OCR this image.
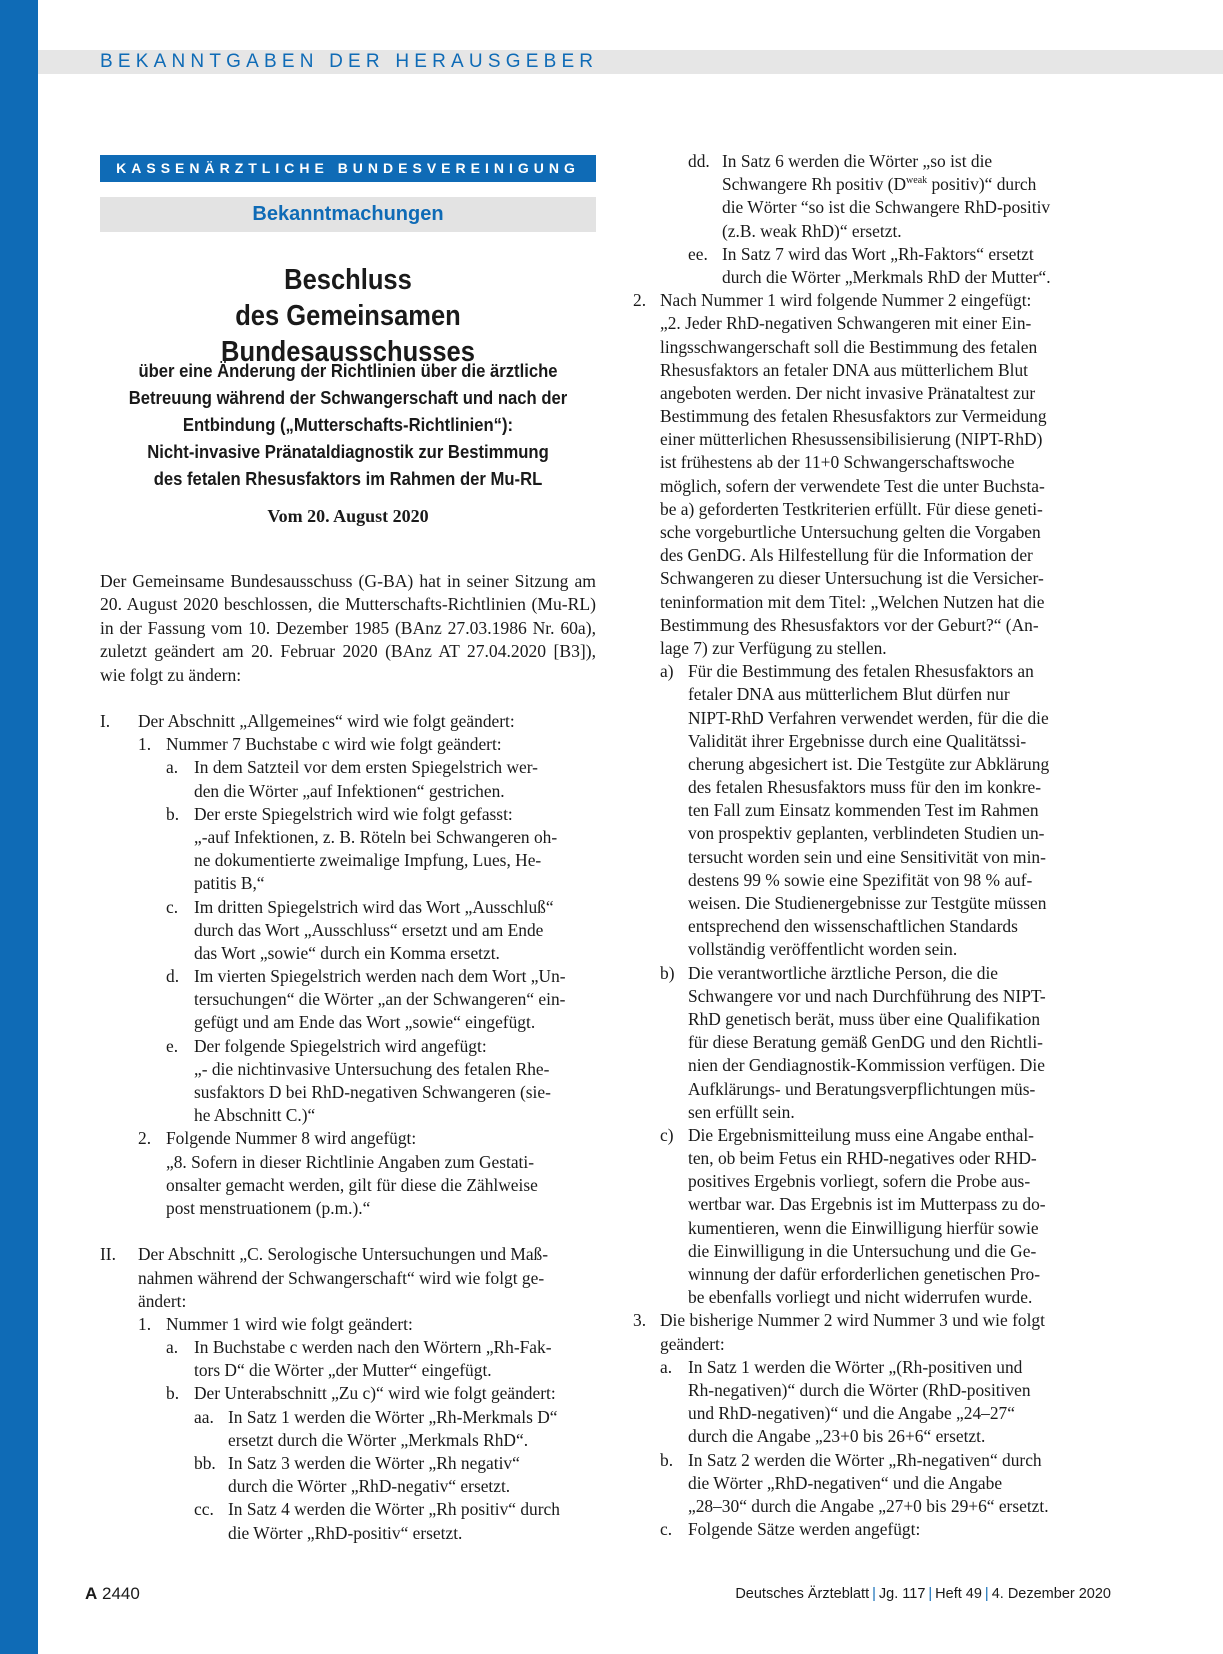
BEKANNTGABEN DER HERAUSGEBER
KASSENÄRZTLICHE BUNDESVEREINIGUNG
Bekanntmachungen
Beschluss
des Gemeinsamen Bundesausschusses
über eine Änderung der Richtlinien über die ärztliche
Betreuung während der Schwangerschaft und nach der
Entbindung („Mutterschafts-Richtlinien“):
Nicht-invasive Pränataldiagnostik zur Bestimmung
des fetalen Rhesusfaktors im Rahmen der Mu-RL
Vom 20. August 2020
Der Gemeinsame Bundesausschuss (G-BA) hat in seiner Sitzung am 20. August 2020 beschlossen, die Mutterschafts-Richtlinien (Mu-RL) in der Fassung vom 10. Dezember 1985 (BAnz 27.03.1986 Nr. 60a), zuletzt geändert am 20. Februar 2020 (BAnz AT 27.04.2020 [B3]), wie folgt zu ändern:
I. Der Abschnitt „Allgemeines“ wird wie folgt geändert:
1. Nummer 7 Buchstabe c wird wie folgt geändert:
a. In dem Satzteil vor dem ersten Spiegelstrich wer-
den die Wörter „auf Infektionen“ gestrichen.
b. Der erste Spiegelstrich wird wie folgt gefasst:
„-auf Infektionen, z. B. Röteln bei Schwangeren oh-
ne dokumentierte zweimalige Impfung, Lues, He-
patitis B,“
c. Im dritten Spiegelstrich wird das Wort „Ausschluß“
durch das Wort „Ausschluss“ ersetzt und am Ende
das Wort „sowie“ durch ein Komma ersetzt.
d. Im vierten Spiegelstrich werden nach dem Wort „Un-
tersuchungen“ die Wörter „an der Schwangeren“ ein-
gefügt und am Ende das Wort „sowie“ eingefügt.
e. Der folgende Spiegelstrich wird angefügt:
„- die nichtinvasive Untersuchung des fetalen Rhe-
susfaktors D bei RhD-negativen Schwangeren (sie-
he Abschnitt C.)“
2. Folgende Nummer 8 wird angefügt:
„8. Sofern in dieser Richtlinie Angaben zum Gestati-
onsalter gemacht werden, gilt für diese die Zählweise
post menstruationem (p.m.).“
II. Der Abschnitt „C. Serologische Untersuchungen und Maß-
nahmen während der Schwangerschaft“ wird wie folgt ge-
ändert:
1. Nummer 1 wird wie folgt geändert:
a. In Buchstabe c werden nach den Wörtern „Rh-Fak-
tors D“ die Wörter „der Mutter“ eingefügt.
b. Der Unterabschnitt „Zu c)“ wird wie folgt geändert:
aa. In Satz 1 werden die Wörter „Rh-Merkmals D“
ersetzt durch die Wörter „Merkmals RhD“.
bb. In Satz 3 werden die Wörter „Rh negativ“
durch die Wörter „RhD-negativ“ ersetzt.
cc. In Satz 4 werden die Wörter „Rh positiv“ durch
die Wörter „RhD-positiv“ ersetzt.
dd. In Satz 6 werden die Wörter „so ist die
Schwangere Rh positiv ($D^{weak}$ positiv)“ durch
die Wörter “so ist die Schwangere RhD-positiv
(z.B. weak RhD)“ ersetzt.
ee. In Satz 7 wird das Wort „Rh-Faktors“ ersetzt
durch die Wörter „Merkmals RhD der Mutter“.
2. Nach Nummer 1 wird folgende Nummer 2 eingefügt:
„2. Jeder RhD-negativen Schwangeren mit einer Ein-
lingsschwangerschaft soll die Bestimmung des fetalen
Rhesusfaktors an fetaler DNA aus mütterlichem Blut
angeboten werden. Der nicht invasive Pränataltest zur
Bestimmung des fetalen Rhesusfaktors zur Vermeidung
einer mütterlichen Rhesussensibilisierung (NIPT-RhD)
ist frühestens ab der 11+0 Schwangerschaftswoche
möglich, sofern der verwendete Test die unter Buchsta-
be a) geforderten Testkriterien erfüllt. Für diese geneti-
sche vorgeburtliche Untersuchung gelten die Vorgaben
des GenDG. Als Hilfestellung für die Information der
Schwangeren zu dieser Untersuchung ist die Versicher-
teninformation mit dem Titel: „Welchen Nutzen hat die
Bestimmung des Rhesusfaktors vor der Geburt?“ (An-
lage 7) zur Verfügung zu stellen.
a) Für die Bestimmung des fetalen Rhesusfaktors an
fetaler DNA aus mütterlichem Blut dürfen nur
NIPT-RhD Verfahren verwendet werden, für die die
Validität ihrer Ergebnisse durch eine Qualitätssi-
cherung abgesichert ist. Die Testgüte zur Abklärung
des fetalen Rhesusfaktors muss für den im konkre-
ten Fall zum Einsatz kommenden Test im Rahmen
von prospektiv geplanten, verblindeten Studien un-
tersucht worden sein und eine Sensitivität von min-
destens 99 % sowie eine Spezifität von 98 % auf-
weisen. Die Studienergebnisse zur Testgüte müssen
entsprechend den wissenschaftlichen Standards
vollständig veröffentlicht worden sein.
b) Die verantwortliche ärztliche Person, die die
Schwangere vor und nach Durchführung des NIPT-
RhD genetisch berät, muss über eine Qualifikation
für diese Beratung gemäß GenDG und den Richtli-
nien der Gendiagnostik-Kommission verfügen. Die
Aufklärungs- und Beratungsverpflichtungen müs-
sen erfüllt sein.
c) Die Ergebnismitteilung muss eine Angabe enthal-
ten, ob beim Fetus ein RHD-negatives oder RHD-
positives Ergebnis vorliegt, sofern die Probe aus-
wertbar war. Das Ergebnis ist im Mutterpass zu do-
kumentieren, wenn die Einwilligung hierfür sowie
die Einwilligung in die Untersuchung und die Ge-
winnung der dafür erforderlichen genetischen Pro-
be ebenfalls vorliegt und nicht widerrufen wurde.
3. Die bisherige Nummer 2 wird Nummer 3 und wie folgt
geändert:
a. In Satz 1 werden die Wörter „(Rh-positiven und
Rh-negativen)“ durch die Wörter (RhD-positiven
und RhD-negativen)“ und die Angabe „24–27“
durch die Angabe „23+0 bis 26+6“ ersetzt.
b. In Satz 2 werden die Wörter „Rh-negativen“ durch
die Wörter „RhD-negativen“ und die Angabe
„28–30“ durch die Angabe „27+0 bis 29+6“ ersetzt.
c. Folgende Sätze werden angefügt:
A 2440	Deutsches Ärzteblatt | Jg. 117 | Heft 49 | 4. Dezember 2020
